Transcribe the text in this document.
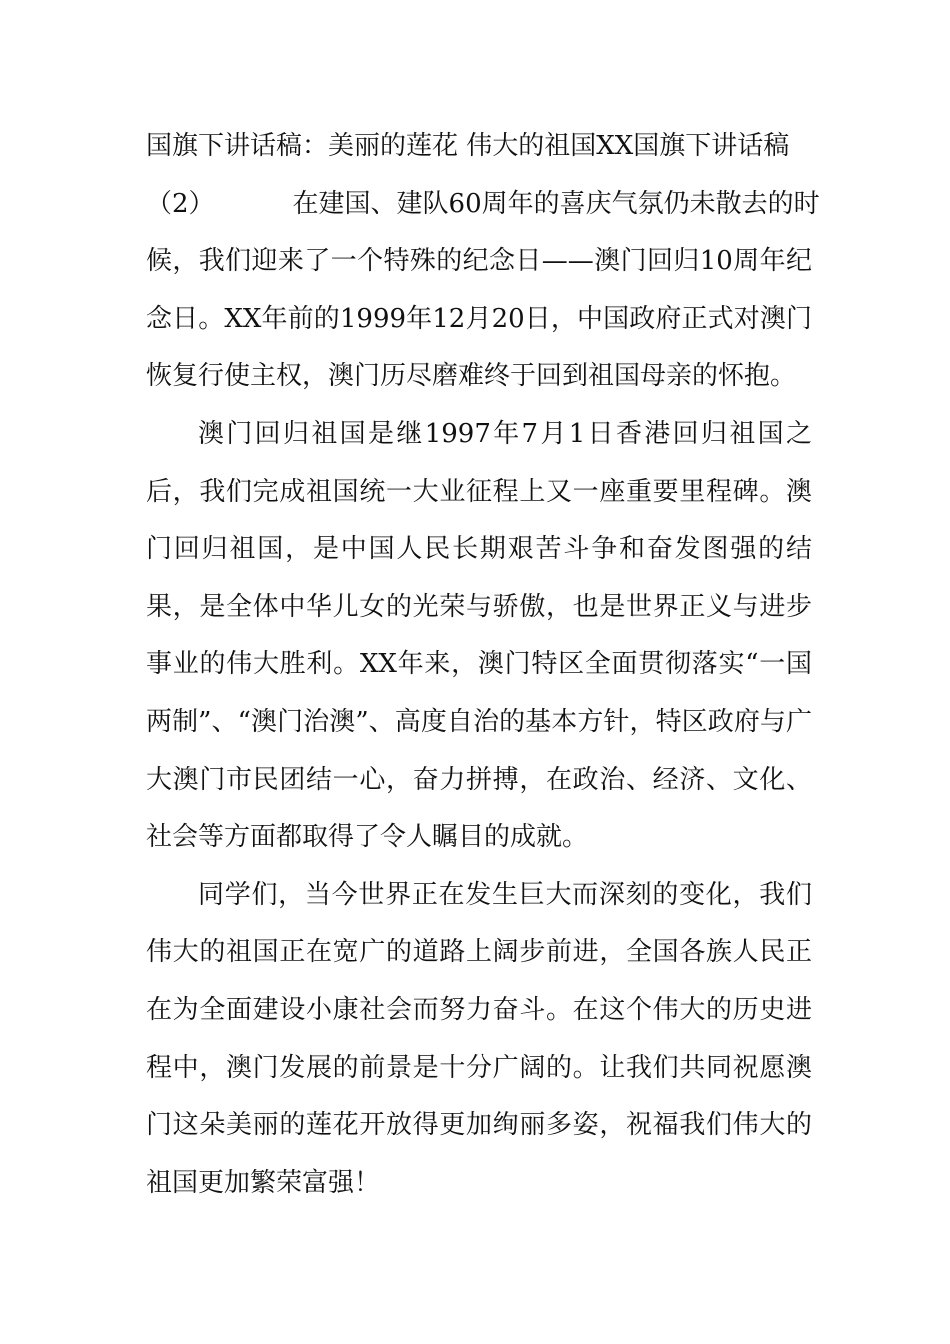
国旗下讲话稿：美丽的莲花 伟大的祖国XX国旗下讲话稿
（2）	在建国、建队60周年的喜庆气氛仍未散去的时
候，我们迎来了一个特殊的纪念日——澳门回归10周年纪念日。XX年前的1999年12月20日，中国政府正式对澳门恢复行使主权，澳门历尽磨难终于回到祖国母亲的怀抱。

澳门回归祖国是继1997年7月1日香港回归祖国之后，我们完成祖国统一大业征程上又一座重要里程碑。澳门回归祖国，是中国人民长期艰苦斗争和奋发图强的结果，是全体中华儿女的光荣与骄傲，也是世界正义与进步事业的伟大胜利。XX年来，澳门特区全面贯彻落实“一国两制”、“澳门治澳”、高度自治的基本方针，特区政府与广大澳门市民团结一心，奋力拼搏，在政治、经济、文化、社会等方面都取得了令人瞩目的成就。

同学们，当今世界正在发生巨大而深刻的变化，我们伟大的祖国正在宽广的道路上阔步前进，全国各族人民正在为全面建设小康社会而努力奋斗。在这个伟大的历史进程中，澳门发展的前景是十分广阔的。让我们共同祝愿澳门这朵美丽的莲花开放得更加绚丽多姿，祝福我们伟大的祖国更加繁荣富强！
